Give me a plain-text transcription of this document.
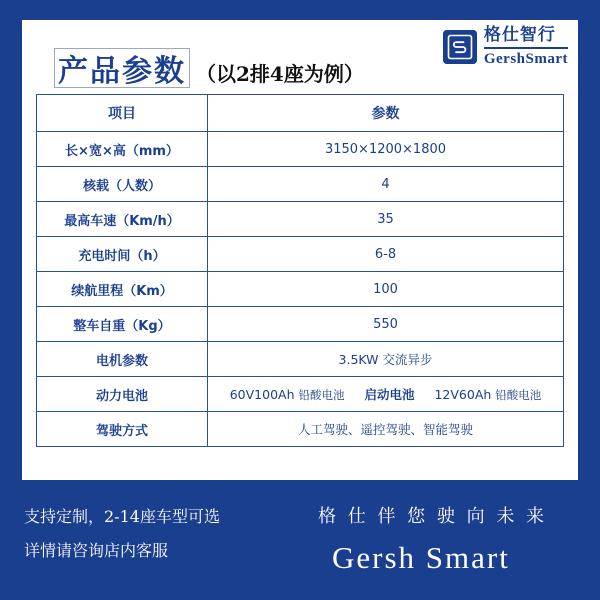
产品参数 （以2排4座为例）
格仕智行
GershSmart
项目	参数
长×宽×高（mm）	3150×1200×1800
核载（人数）	4
最高车速（Km/h）	35
充电时间（h）	6-8
续航里程（Km）	100
整车自重（Kg）	550
电机参数	3.5KW 交流异步
动力电池	60V100Ah 铅酸电池 启动电池 12V60Ah 铅酸电池
驾驶方式	人工驾驶、遥控驾驶、智能驾驶
支持定制，2-14座车型可选
详情请咨询店内客服
格 仕 伴 您 驶 向 未 来
Gersh Smart
